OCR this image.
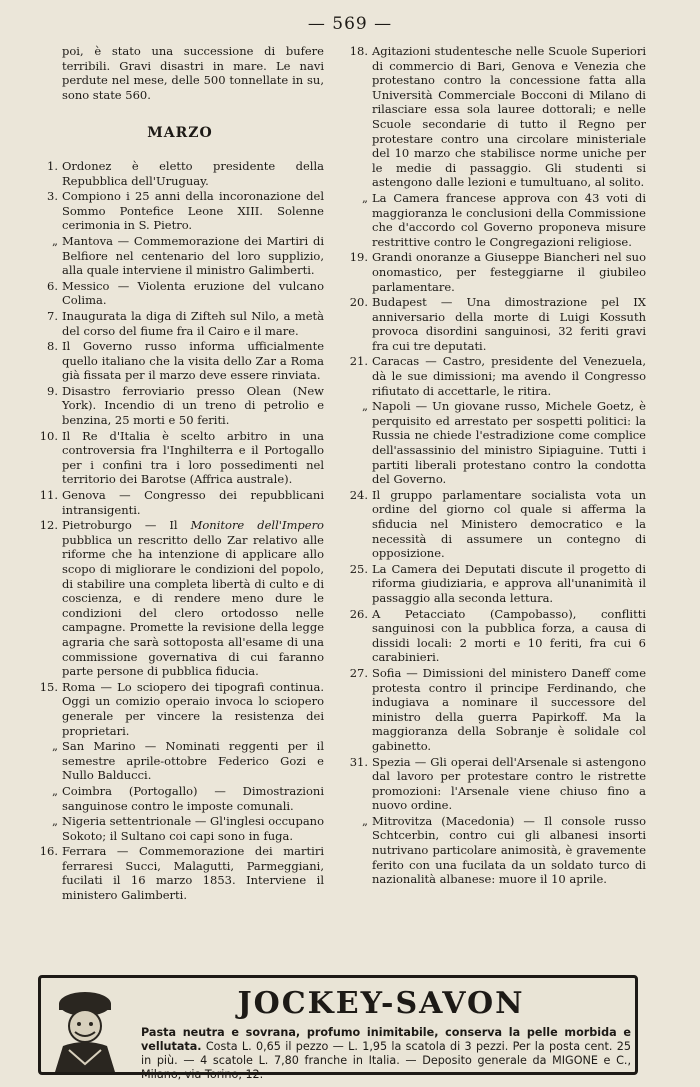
— 569 —

poi, è stato una successione di bufere terribili. Gravi disastri in mare. Le navi perdute nel mese, delle 500 tonnellate in su, sono state 560.

MARZO
1. Ordonez è eletto presidente della Repubblica dell'Uruguay.
3. Compiono i 25 anni della incoronazione del Sommo Pontefice Leone XIII. Solenne cerimonia in S. Pietro.
„ Mantova — Commemorazione dei Martiri di Belfiore nel centenario del loro supplizio, alla quale interviene il ministro Galimberti.
6. Messico — Violenta eruzione del vulcano Colima.
7. Inaugurata la diga di Zifteh sul Nilo, a metà del corso del fiume fra il Cairo e il mare.
8. Il Governo russo informa ufficialmente quello italiano che la visita dello Zar a Roma già fissata per il marzo deve essere rinviata.
9. Disastro ferroviario presso Olean (New York). Incendio di un treno di petrolio e benzina, 25 morti e 50 feriti.
10. Il Re d'Italia è scelto arbitro in una controversia fra l'Inghilterra e il Portogallo per i confini tra i loro possedimenti nel territorio dei Barotse (Affrica australe).
11. Genova — Congresso dei repubblicani intransigenti.
12. Pietroburgo — Il Monitore dell'Impero pubblica un rescritto dello Zar relativo alle riforme che ha intenzione di applicare allo scopo di migliorare le condizioni del popolo, di stabilire una completa libertà di culto e di coscienza, e di rendere meno dure le condizioni del clero ortodosso nelle campagne. Promette la revisione della legge agraria che sarà sottoposta all'esame di una commissione governativa di cui faranno parte persone di pubblica fiducia.
15. Roma — Lo sciopero dei tipografi continua. Oggi un comizio operaio invoca lo sciopero generale per vincere la resistenza dei proprietari.
„ San Marino — Nominati reggenti per il semestre aprile-ottobre Federico Gozi e Nullo Balducci.
„ Coimbra (Portogallo) — Dimostrazioni sanguinose contro le imposte comunali.
„ Nigeria settentrionale — Gl'inglesi occupano Sokoto; il Sultano coi capi sono in fuga.
16. Ferrara — Commemorazione dei martiri ferraresi Succi, Malagutti, Parmeggiani, fucilati il 16 marzo 1853. Interviene il ministero Galimberti.
18. Agitazioni studentesche nelle Scuole Superiori di commercio di Bari, Genova e Venezia che protestano contro la concessione fatta alla Università Commerciale Bocconi di Milano di rilasciare essa sola lauree dottorali; e nelle Scuole secondarie di tutto il Regno per protestare contro una circolare ministeriale del 10 marzo che stabilisce norme uniche per le medie di passaggio. Gli studenti si astengono dalle lezioni e tumultuano, al solito.
„ La Camera francese approva con 43 voti di maggioranza le conclusioni della Commissione che d'accordo col Governo proponeva misure restrittive contro le Congregazioni religiose.
19. Grandi onoranze a Giuseppe Biancheri nel suo onomastico, per festeggiarne il giubileo parlamentare.
20. Budapest — Una dimostrazione pel IX anniversario della morte di Luigi Kossuth provoca disordini sanguinosi, 32 feriti gravi fra cui tre deputati.
21. Caracas — Castro, presidente del Venezuela, dà le sue dimissioni; ma avendo il Congresso rifiutato di accettarle, le ritira.
„ Napoli — Un giovane russo, Michele Goetz, è perquisito ed arrestato per sospetti politici: la Russia ne chiede l'estradizione come complice dell'assassinio del ministro Sipiaguine. Tutti i partiti liberali protestano contro la condotta del Governo.
24. Il gruppo parlamentare socialista vota un ordine del giorno col quale si afferma la sfiducia nel Ministero democratico e la necessità di assumere un contegno di opposizione.
25. La Camera dei Deputati discute il progetto di riforma giudiziaria, e approva all'unanimità il passaggio alla seconda lettura.
26. A Petacciato (Campobasso), conflitti sanguinosi con la pubblica forza, a causa di dissidi locali: 2 morti e 10 feriti, fra cui 6 carabinieri.
27. Sofia — Dimissioni del ministero Daneff come protesta contro il principe Ferdinando, che indugiava a nominare il successore del ministro della guerra Papirkoff. Ma la maggioranza della Sobranje è solidale col gabinetto.
31. Spezia — Gli operai dell'Arsenale si astengono dal lavoro per protestare contro le ristrette promozioni: l'Arsenale viene chiuso fino a nuovo ordine.
„ Mitrovitza (Macedonia) — Il console russo Schtcerbin, contro cui gli albanesi insorti nutrivano particolare animosità, è gravemente ferito con una fucilata da un soldato turco di nazionalità albanese: muore il 10 aprile.
JOCKEY-SAVON
Pasta neutra e sovrana, profumo inimitabile, conserva la pelle morbida e vellutata. Costa L. 0,65 il pezzo — L. 1,95 la scatola di 3 pezzi. Per la posta cent. 25 in più. — 4 scatole L. 7,80 franche in Italia. — Deposito generale da MIGONE e C., Milano, via Torino, 12.
